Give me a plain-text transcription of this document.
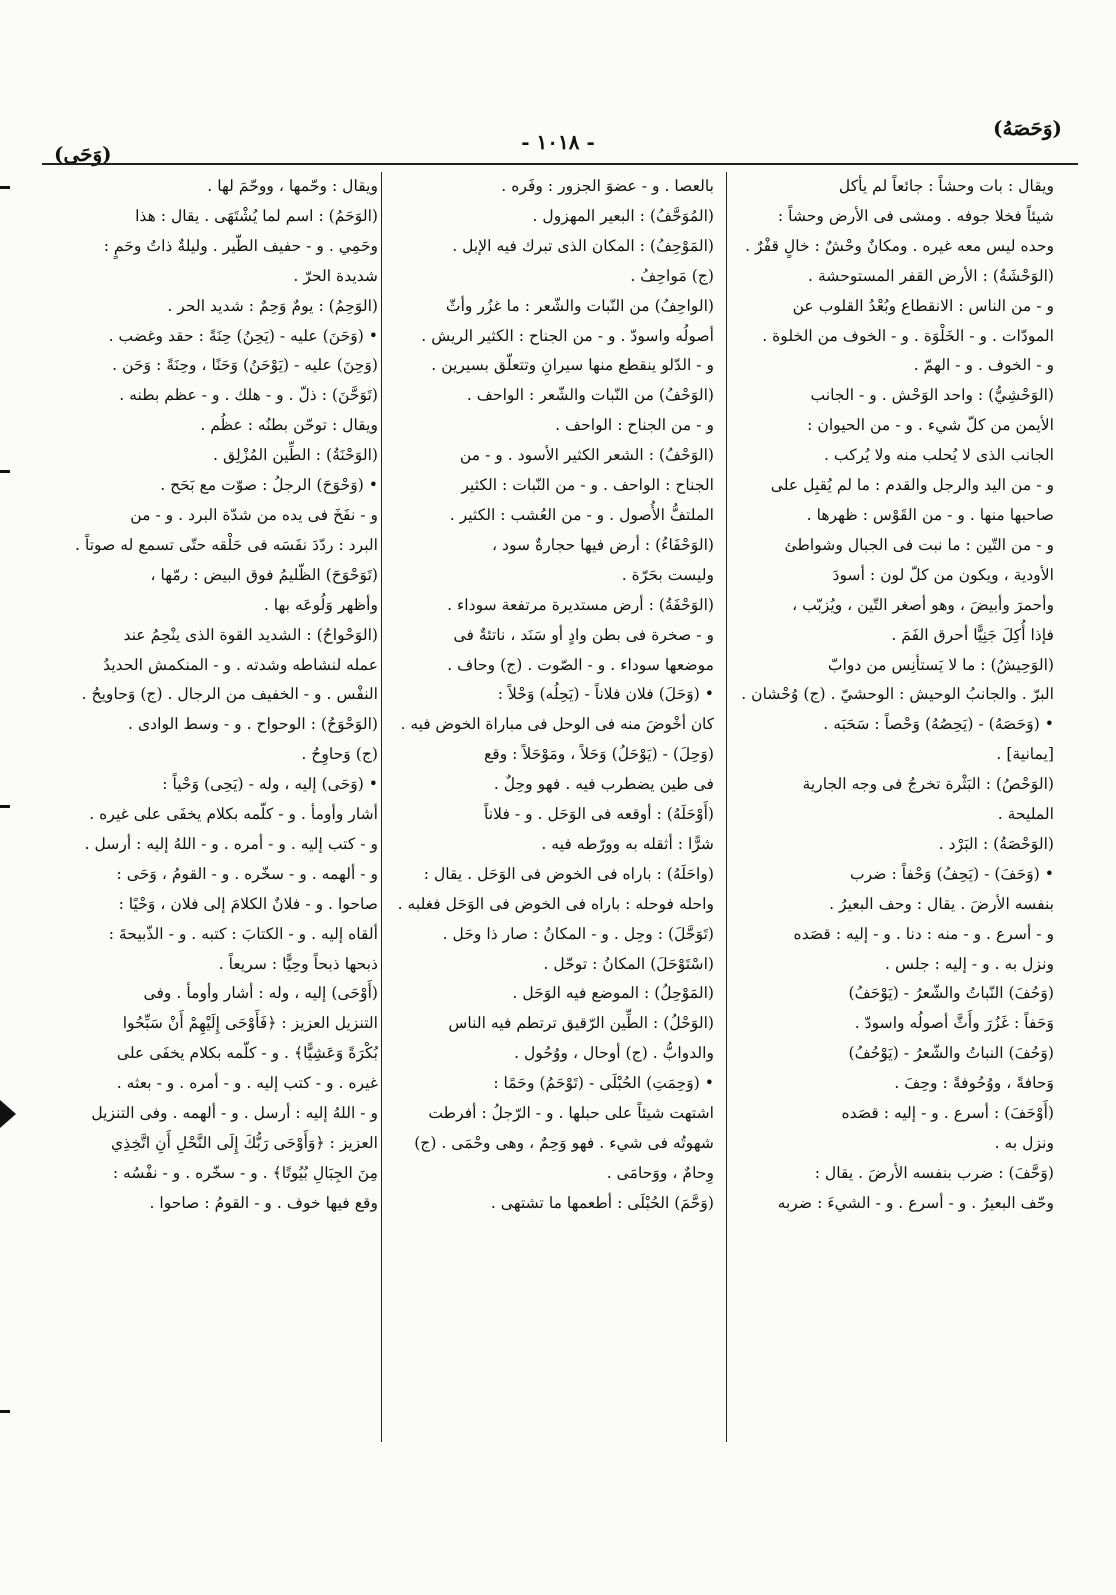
(وَحَصَهُ)
- ١٠١٨ -
(وَحَى)
ويقال : بات وحشاً : جائعاً لم يأكل
شيئاً فخلا جوفه . ومشى فى الأرض وحشاً :
وحده ليس معه غيره . ومكانٌ وحْشٌ : خالٍ قفْرٌ .
(الوَحْشَةُ) : الأرض القفر المستوحشة .
و - من الناس : الانقطاع وبُعْدُ القلوب عن
المودّات . و - الخَلْوَة . و - الخوف من الخلوة .
و - الخوف . و - الهمّ .
(الوَحْشِيُّ) : واحد الوَحْش . و - الجانب
الأيمن من كلّ شيء . و - من الحيوان :
الجانب الذى لا يُحلب منه ولا يُركب .
و - من اليد والرجل والقدم : ما لم يُقبِل على
صاحبها منها . و - من القَوْس : ظهرها .
و - من التّين : ما نبت فى الجبال وشواطئ
الأودية ، ويكون من كلّ لون : أسودَ
وأحمرَ وأبيضَ ، وهو أصغر التّين ، ويُزبّب ،
فإذا أُكِلَ جَنِيًّا أحرق الفَمَ .
(الوَحِيشُ) : ما لا يَستأنِس من دوابّ
البرّ . والجانبُ الوحيش : الوحشيّ . (ج) وُحْشان .
• (وَحَصَهُ) - (يَحِصُهُ) وَحْصاً : سَحَبَه .
[يمانية] .
(الوَحْصُ) : البَثْرة تخرجُ فى وجه الجارية
المليحة .
(الوَحْصَةُ) : البَرْد .
• (وَحَفَ) - (يَحِفُ) وَحْفاً : ضرب
بنفسه الأرضَ . يقال : وحف البعيرُ .
و - أسرع . و - منه : دنا . و - إليه : قصَده
ونزل به . و - إليه : جلس .
(وَحُفَ) النّباتُ والشّعرُ - (يَوْحَفُ)
وَحَفاً : غَزُرَ وأَثَّ أصولُه واسودّ .
(وَحُفَ) النباتُ والشّعرُ - (يَوْحُفُ)
وَحافةً ، ووُحُوفةً : وحِفَ .
(أَوْحَفَ) : أسرع . و - إليه : قصَده
ونزل به .
(وَحَّفَ) : ضرب بنفسه الأرضَ . يقال :
وحّف البعيرُ . و - أسرع . و - الشيءَ : ضربه
بالعصا . و - عضوَ الجزور : وفَره .
(المُوَحَّفُ) : البعير المهزول .
(المَوْحِفُ) : المكان الذى تبرك فيه الإبل .
(ج) مَواحِفُ .
(الواحِفُ) من النّبات والشّعر : ما غزُر وأثّ
أصولُه واسودّ . و - من الجناح : الكثير الريش .
و - الدّلو ينقطع منها سيرانِ وتتعلّق بسيرين .
(الوَحْفُ) من النّبات والشّعر : الواحف .
و - من الجناح : الواحف .
(الوَحْفُ) : الشعر الكثير الأسود . و - من
الجناح : الواحف . و - من النّبات : الكثير
الملتفُّ الأُصول . و - من العُشب : الكثير .
(الوَحْفَاءُ) : أرض فيها حجارةٌ سود ،
وليست بحَرّة .
(الوَحْفَةُ) : أرض مستديرة مرتفعة سوداء .
و - صخرة فى بطن وادٍ أو سَنَد ، ناتئةٌ فى
موضعها سوداء . و - الصّوت . (ج) وحاف .
• (وَحَلَ) فلان فلاناً - (يَحِلُه) وَحْلاً :
كان أخْوضَ منه فى الوحل فى مباراة الخوض فيه .
(وَحِلَ) - (يَوْحَلُ) وَحَلاً ، ومَوْحَلاً : وقع
فى طين يضطرب فيه . فهو وحِلٌ .
(أَوْحَلَهُ) : أوقعه فى الوَحَل . و - فلاناً
شرًّا : أثقله به وورّطه فيه .
(واحَلَهُ) : باراه فى الخوض فى الوَحَل . يقال :
واحله فوحله : باراه فى الخوض فى الوَحَل فغلبه .
(تَوَحَّلَ) : وحِل . و - المكانُ : صار ذا وحَل .
(اسْتَوْحَلَ) المكانُ : توحّل .
(المَوْحِلُ) : الموضع فيه الوَحَل .
(الوَحْلُ) : الطِّين الرّقيق ترتطم فيه الناس
والدوابُّ . (ج) أوحال ، ووُحُول .
• (وَحِمَتِ) الحُبْلَى - (تَوْحَمُ) وحَمًا :
اشتهت شيئاً على حبلها . و - الرّجلُ : أفرطت
شهوتُه فى شيء . فهو وَحِمٌ ، وهى وحْمَى . (ج)
وِحامٌ ، ووَحامَى .
(وَحَّمَ) الحُبْلَى : أطعمها ما تشتهى .
ويقال : وحّمها ، ووحّمَ لها .
(الوَحَمُ) : اسم لما يُشْتَهَى . يقال : هذا
وحَمِي . و - حفيف الطّير . وليلةٌ ذاتُ وحَمٍ :
شديدة الحرّ .
(الوَحِمُ) : يومٌ وَحِمٌ : شديد الحر .
• (وَحَنَ) عليه - (يَحِنُ) حِنَةً : حقد وغضب .
(وَحِنَ) عليه - (يَوْحَنُ) وَحَنًا ، وحِنَةً : وَحَن .
(تَوَحَّنَ) : ذلّ . و - هلك . و - عظم بطنه .
ويقال : توحّن بطنُه : عظُم .
(الوَحْنَةُ) : الطِّين المُزْلِق .
• (وَحْوَحَ) الرجلُ : صوّت مع بَحَح .
و - نفَخَ فى يده من شدّة البرد . و - من
البرد : ردّدَ نفَسَه فى حَلْقه حتّى تسمع له صوتاً .
(تَوَحْوَحَ) الظّليمُ فوق البيض : رمّها ،
وأظهر وَلُوعَه بها .
(الوَحْواحُ) : الشديد القوة الذى ينْحِمُ عند
عمله لنشاطه وشدته . و - المنكمش الحديدُ
النفْس . و - الخفيف من الرجال . (ج) وَحاويحُ .
(الوَحْوَحُ) : الوحواح . و - وسط الوادى .
(ج) وَحاوِحُ .
• (وَحَى) إليه ، وله - (يَحِى) وَحْياً :
أشار وأومأ . و - كلّمه بكلام يخفَى على غيره .
و - كتب إليه . و - أمره . و - اللهُ إليه : أرسل .
و - ألهمه . و - سخّره . و - القومُ ، وَحَى :
صاحوا . و - فلانٌ الكلامَ إلى فلان ، وَحْيًا :
ألقاه إليه . و - الكتابَ : كتبه . و - الذّبيحةَ :
ذبحها ذبحاً وحِيًّا : سريعاً .
(أَوْحَى) إليه ، وله : أشار وأومأ . وفى
التنزيل العزيز : ﴿فَأَوْحَى إِلَيْهِمْ أَنْ سَبِّحُوا
بُكْرَةً وَعَشِيًّا﴾ . و - كلّمه بكلام يخفَى على
غيره . و - كتب إليه . و - أمره . و - بعثه .
و - اللهُ إليه : أرسل . و - ألهمه . وفى التنزيل
العزيز : ﴿وَأَوْحَى رَبُّكَ إِلَى النَّحْلِ أَنِ اتَّخِذِي
مِنَ الجِبَالِ بُيُوتًا﴾ . و - سخّره . و - نفْسُه :
وقع فيها خوف . و - القومُ : صاحوا .
